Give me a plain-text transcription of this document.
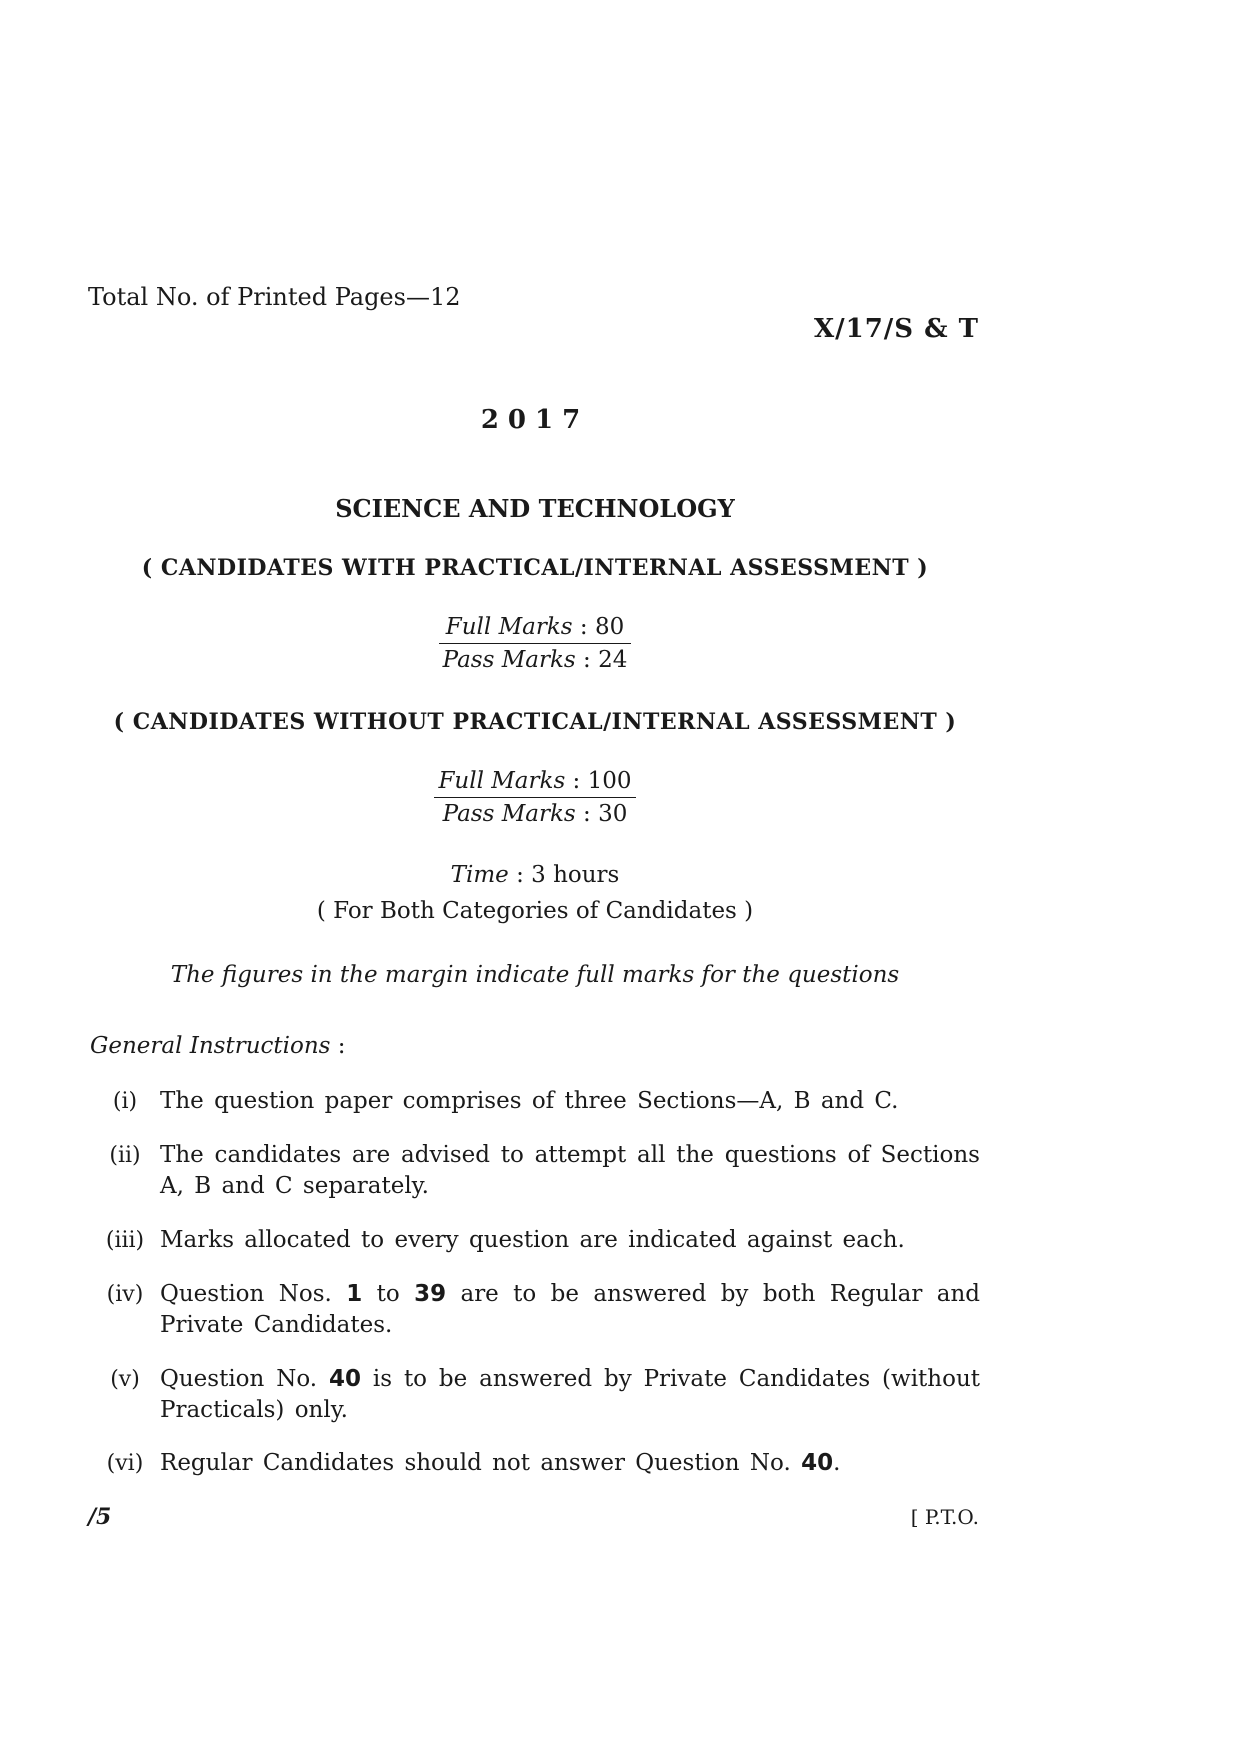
Total No. of Printed Pages—12
X/17/S & T
2017
SCIENCE AND TECHNOLOGY
( CANDIDATES WITH PRACTICAL/INTERNAL ASSESSMENT )
Full Marks : 80
Pass Marks : 24
( CANDIDATES WITHOUT PRACTICAL/INTERNAL ASSESSMENT )
Full Marks : 100
Pass Marks : 30
Time : 3 hours
( For Both Categories of Candidates )
The figures in the margin indicate full marks for the questions
General Instructions :
(i) The question paper comprises of three Sections—A, B and C.
(ii) The candidates are advised to attempt all the questions of Sections A, B and C separately.
(iii) Marks allocated to every question are indicated against each.
(iv) Question Nos. 1 to 39 are to be answered by both Regular and Private Candidates.
(v) Question No. 40 is to be answered by Private Candidates (without Practicals) only.
(vi) Regular Candidates should not answer Question No. 40.
/5	[ P.T.O.
